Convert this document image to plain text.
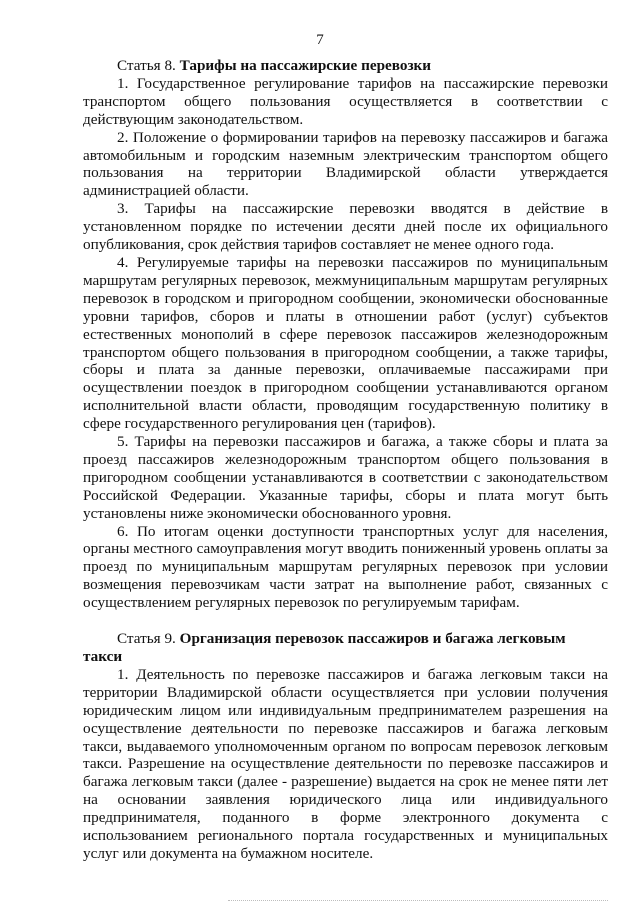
7

Статья 8. Тарифы на пассажирские перевозки

1. Государственное регулирование тарифов на пассажирские перевозки транспортом общего пользования осуществляется в соответствии с действующим законодательством.

2. Положение о формировании тарифов на перевозку пассажиров и багажа автомобильным и городским наземным электрическим транспортом общего пользования на территории Владимирской области утверждается администрацией области.

3. Тарифы на пассажирские перевозки вводятся в действие в установленном порядке по истечении десяти дней после их официального опубликования, срок действия тарифов составляет не менее одного года.

4. Регулируемые тарифы на перевозки пассажиров по муниципальным маршрутам регулярных перевозок, межмуниципальным маршрутам регулярных перевозок в городском и пригородном сообщении, экономически обоснованные уровни тарифов, сборов и платы в отношении работ (услуг) субъектов естественных монополий в сфере перевозок пассажиров железнодорожным транспортом общего пользования в пригородном сообщении, а также тарифы, сборы и плата за данные перевозки, оплачиваемые пассажирами при осуществлении поездок в пригородном сообщении устанавливаются органом исполнительной власти области, проводящим государственную политику в сфере государственного регулирования цен (тарифов).

5. Тарифы на перевозки пассажиров и багажа, а также сборы и плата за проезд пассажиров железнодорожным транспортом общего пользования в пригородном сообщении устанавливаются в соответствии с законодательством Российской Федерации. Указанные тарифы, сборы и плата могут быть установлены ниже экономически обоснованного уровня.

6. По итогам оценки доступности транспортных услуг для населения, органы местного самоуправления могут вводить пониженный уровень оплаты за проезд по муниципальным маршрутам регулярных перевозок при условии возмещения перевозчикам части затрат на выполнение работ, связанных с осуществлением регулярных перевозок по регулируемым тарифам.

Статья 9. Организация перевозок пассажиров и багажа легковым такси

1. Деятельность по перевозке пассажиров и багажа легковым такси на территории Владимирской области осуществляется при условии получения юридическим лицом или индивидуальным предпринимателем разрешения на осуществление деятельности по перевозке пассажиров и багажа легковым такси, выдаваемого уполномоченным органом по вопросам перевозок легковым такси. Разрешение на осуществление деятельности по перевозке пассажиров и багажа легковым такси (далее - разрешение) выдается на срок не менее пяти лет на основании заявления юридического лица или индивидуального предпринимателя, поданного в форме электронного документа с использованием регионального портала государственных и муниципальных услуг или документа на бумажном носителе.
